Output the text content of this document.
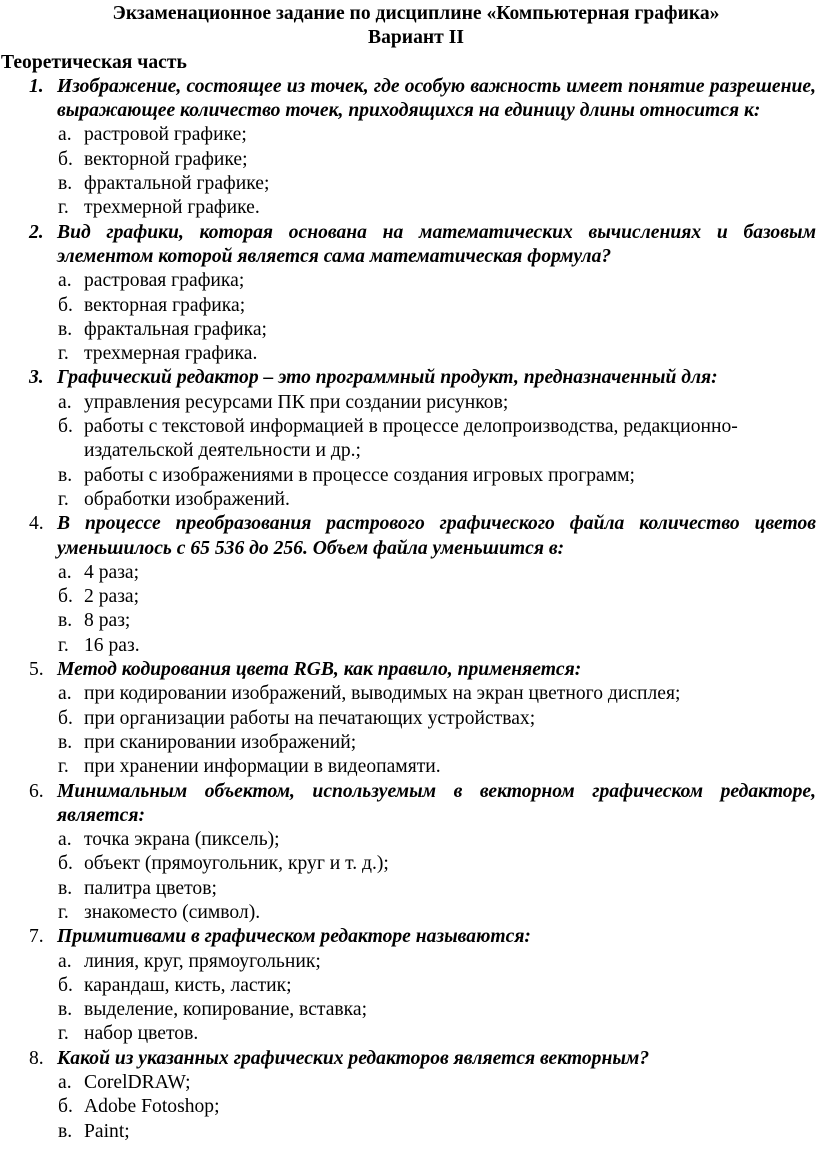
Экзаменационное задание по дисциплине «Компьютерная графика»

Вариант II

Теоретическая часть

1. Изображение, состоящее из точек, где особую важность имеет понятие разрешение, выражающее количество точек, приходящихся на единицу длины относится к:
а. растровой графике;
б. векторной графике;
в. фрактальной графике;
г. трехмерной графике.
2. Вид графики, которая основана на математических вычислениях и базовым элементом которой является сама математическая формула?
а. растровая графика;
б. векторная графика;
в. фрактальная графика;
г. трехмерная графика.
3. Графический редактор – это программный продукт, предназначенный для:
а. управления ресурсами ПК при создании рисунков;
б. работы с текстовой информацией в процессе делопроизводства, редакционно-издательской деятельности и др.;
в. работы с изображениями в процессе создания игровых программ;
г. обработки изображений.
4. В процессе преобразования растрового графического файла количество цветов уменьшилось с 65 536 до 256. Объем файла уменьшится в:
а. 4 раза;
б. 2 раза;
в. 8 раз;
г. 16 раз.
5. Метод кодирования цвета RGB, как правило, применяется:
а. при кодировании изображений, выводимых на экран цветного дисплея;
б. при организации работы на печатающих устройствах;
в. при сканировании изображений;
г. при хранении информации в видеопамяти.
6. Минимальным объектом, используемым в векторном графическом редакторе, является:
а. точка экрана (пиксель);
б. объект (прямоугольник, круг и т. д.);
в. палитра цветов;
г. знакоместо (символ).
7. Примитивами в графическом редакторе называются:
а. линия, круг, прямоугольник;
б. карандаш, кисть, ластик;
в. выделение, копирование, вставка;
г. набор цветов.
8. Какой из указанных графических редакторов является векторным?
а. CorelDRAW;
б. Adobe Fotoshop;
в. Paint;
